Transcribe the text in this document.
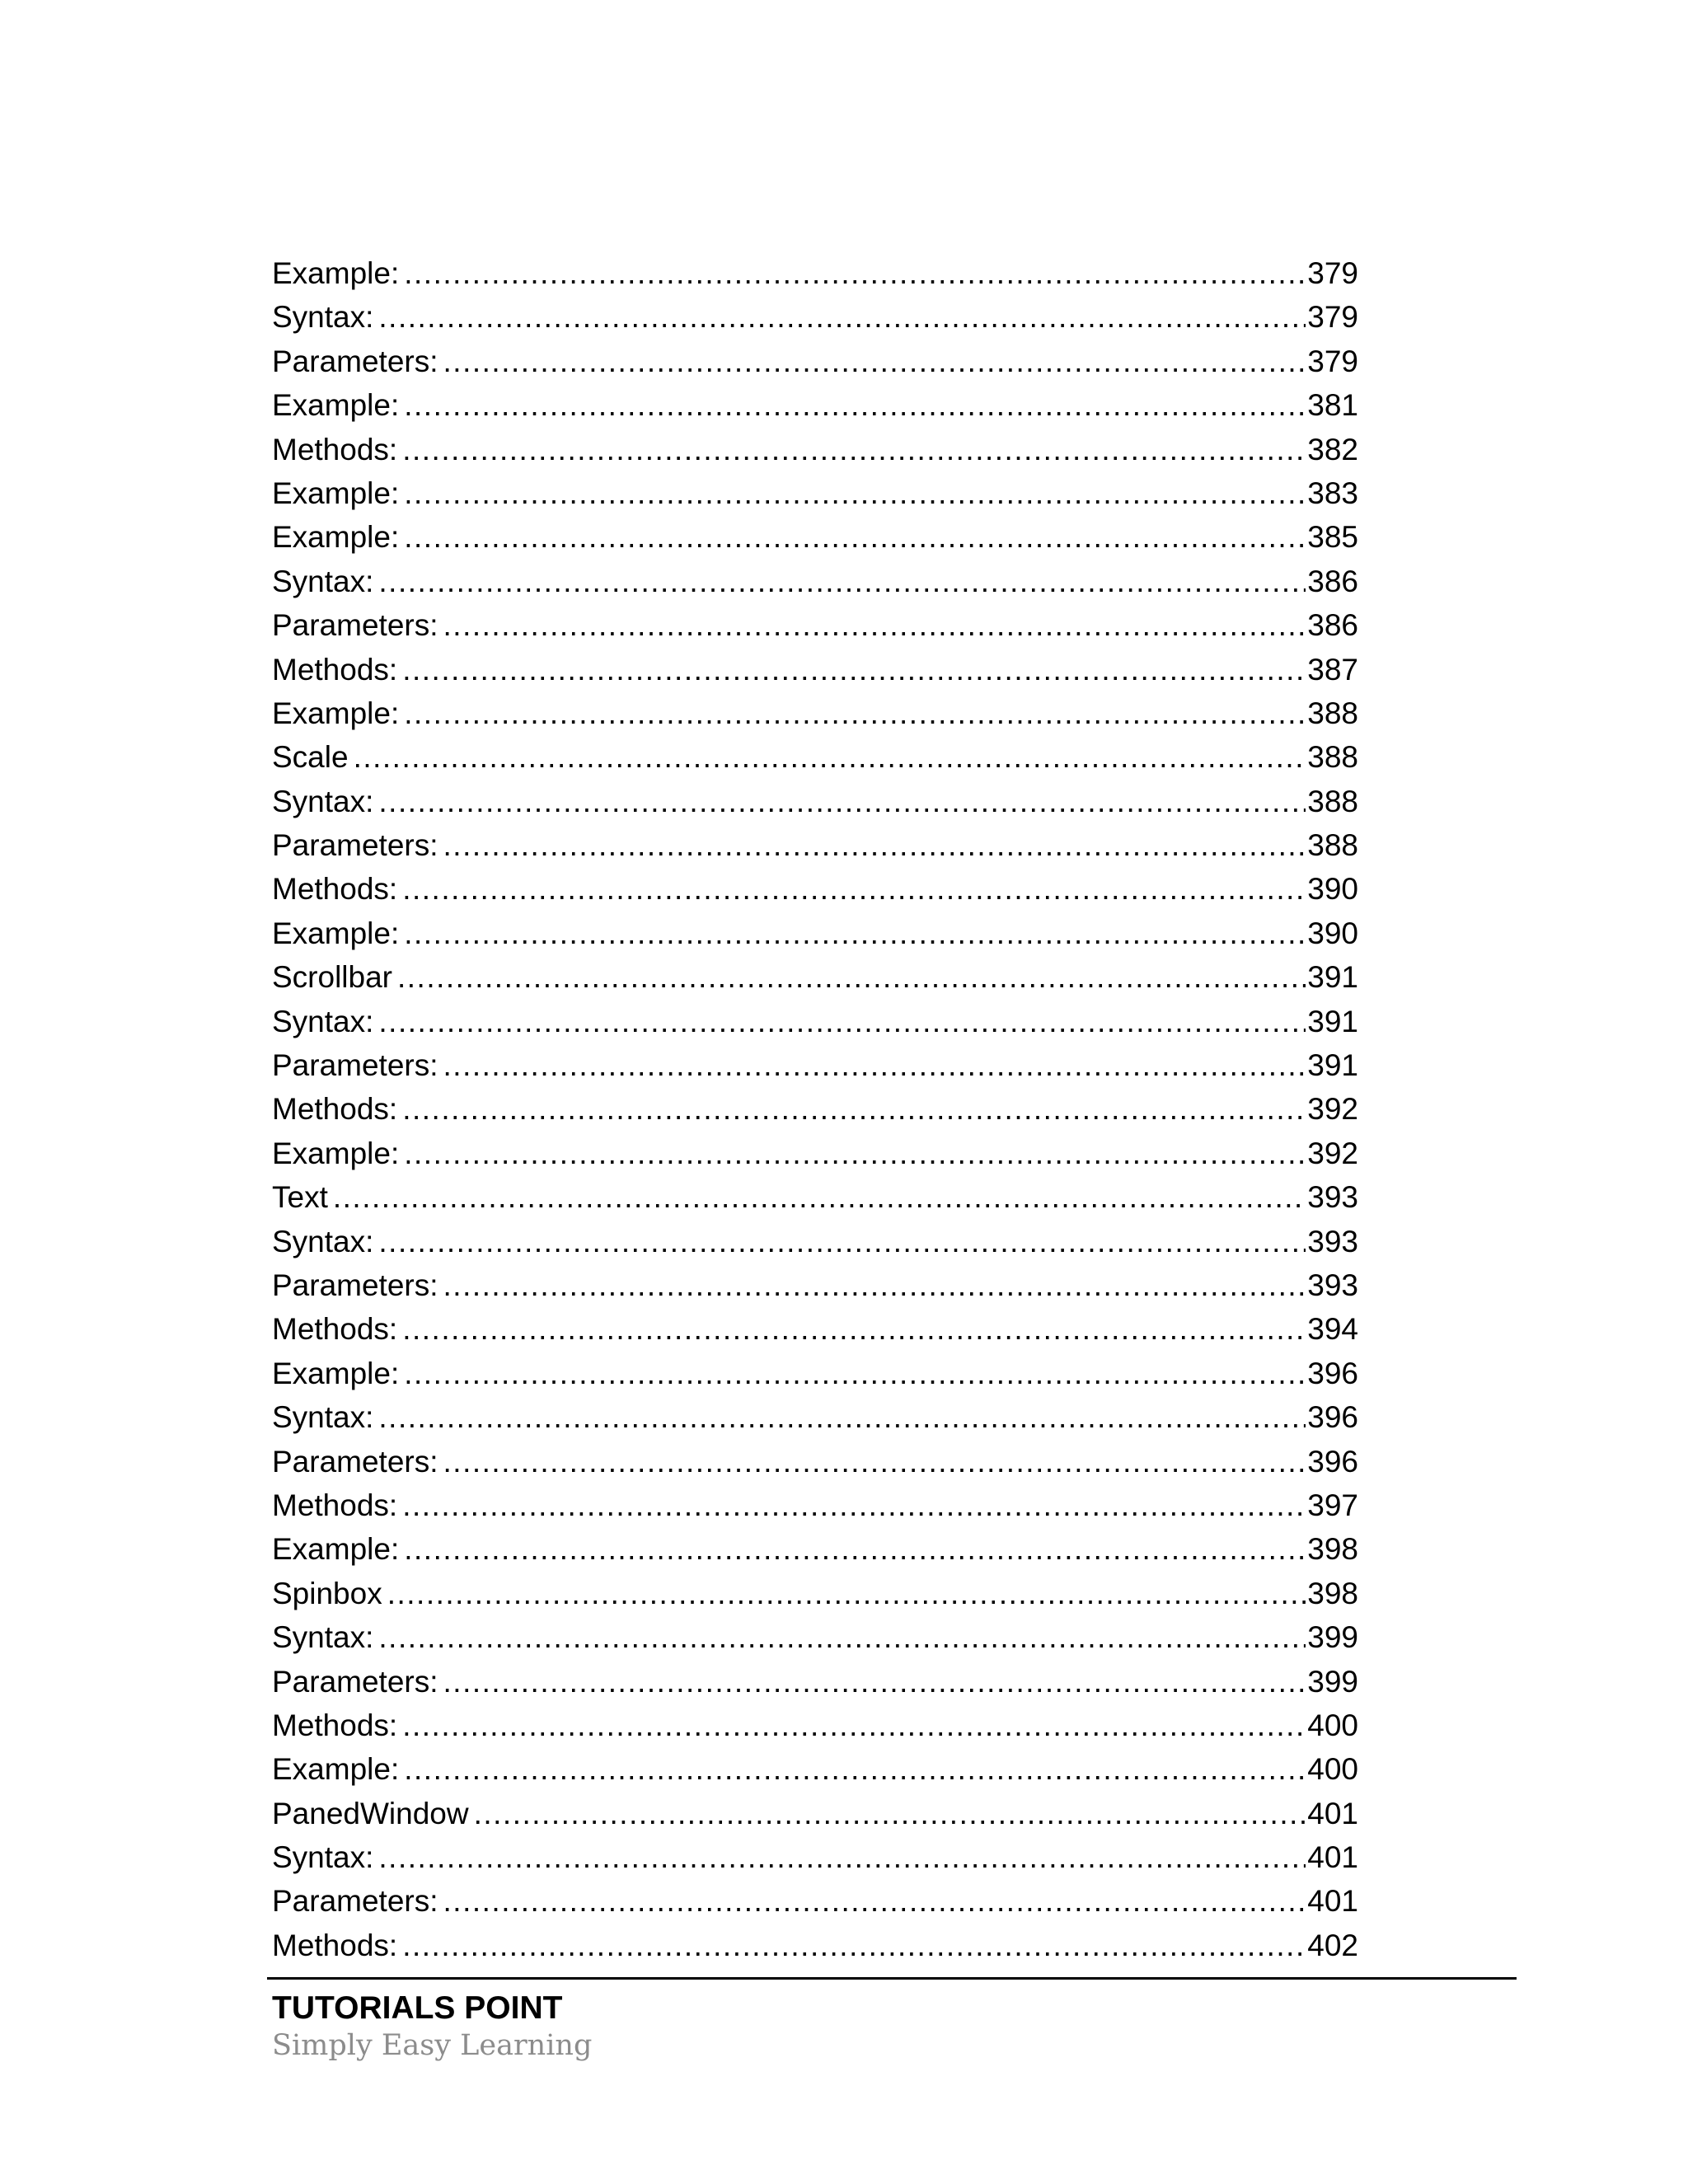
Example: .....	379
Syntax: .....	379
Parameters: .....	379
Example: .....	381
Methods: .....	382
Example: .....	383
Example: .....	385
Syntax: .....	386
Parameters: .....	386
Methods: .....	387
Example: .....	388
Scale .....	388
Syntax: .....	388
Parameters: .....	388
Methods: .....	390
Example: .....	390
Scrollbar .....	391
Syntax: .....	391
Parameters: .....	391
Methods: .....	392
Example: .....	392
Text .....	393
Syntax: .....	393
Parameters: .....	393
Methods: .....	394
Example: .....	396
Syntax: .....	396
Parameters: .....	396
Methods: .....	397
Example: .....	398
Spinbox .....	398
Syntax: .....	399
Parameters: .....	399
Methods: .....	400
Example: .....	400
PanedWindow .....	401
Syntax: .....	401
Parameters: .....	401
Methods: .....	402
TUTORIALS POINT
Simply Easy Learning
